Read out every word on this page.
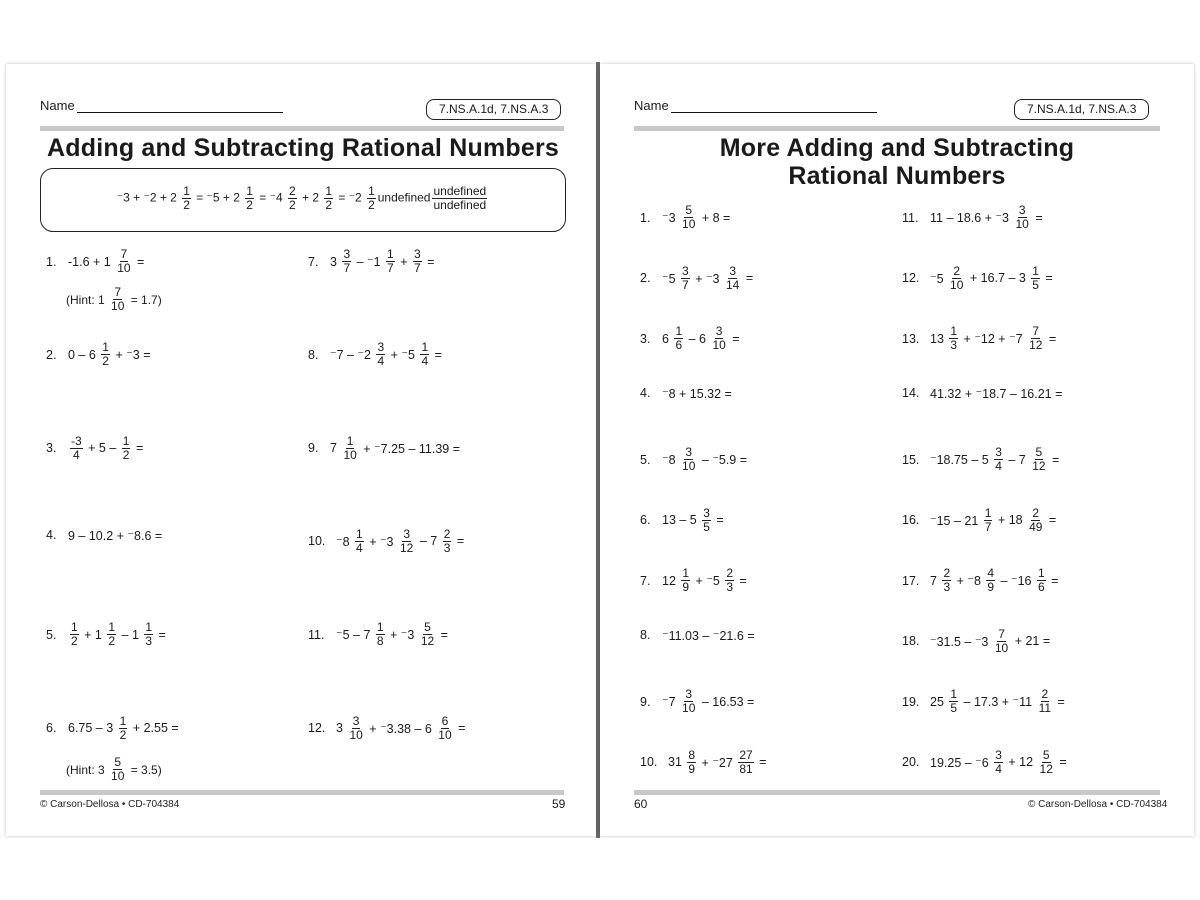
Name	7.NS.A.1d, 7.NS.A.3
Adding and Subtracting Rational Numbers
$^-3 + ^-2 + 2 \frac{1}{2} = ^-5 + 2 \frac{1}{2} = ^-4 \frac{2}{2} + 2 \frac{1}{2} = ^-2 \frac{1}{2}$ undefined $\frac{\text{undefined}}{\text{undefined}}$
1. $-1.6 + 1 \frac{7}{10}$ =
2. $0 - 6 \frac{1}{2} + ^-3$ =
3.	$\frac{-3}{4} + 5 - \frac{1}{2}$ =
4. 9 – 10.2 + ⁻8.6 =
5.	$\frac{1}{2} + 1 \frac{1}{2} - 1 \frac{1}{3}$ =
6. $6.75 - 3 \frac{1}{2} + 2.55$ =
7. $3 \frac{3}{7} - ^-1 \frac{1}{7} + \frac{3}{7}$ =
8. $^-7 - ^-2 \frac{3}{4} + ^-5 \frac{1}{4}$ =
9. $7 \frac{1}{10} + ^-7.25 - 11.39$ =
10. $^-8 \frac{1}{4} + ^-3 \frac{3}{12} - 7 \frac{2}{3}$ =
11. $^-5 - 7 \frac{1}{8} + ^-3 \frac{5}{12}$ =
12. $3 \frac{3}{10} + ^-3.38 - 6 \frac{6}{10}$ =
(Hint: $1 \frac{7}{10} = 1.7$)
(Hint: $3 \frac{5}{10} = 3.5$)
© Carson-Dellosa • CD-704384	59
Name	7.NS.A.1d, 7.NS.A.3
More Adding and Subtracting
Rational Numbers
1. $^-3 \frac{5}{10} + 8$ =
2. $^-5 \frac{3}{7} + ^-3 \frac{3}{14}$ =
3. $6 \frac{1}{6} - 6 \frac{3}{10}$ =
4. ⁻8 + 15.32 =
5. $^-8 \frac{3}{10} - ^-5.9$ =
6. $13 - 5 \frac{3}{5}$ =
7. $12 \frac{1}{9} + ^-5 \frac{2}{3}$ =
8. ⁻11.03 – ⁻21.6 =
9. $^-7 \frac{3}{10} - 16.53$ =
10. $31 \frac{8}{9} + ^-27 \frac{27}{81}$ =
11. $11 - 18.6 + ^-3 \frac{3}{10}$ =
12. $^-5 \frac{2}{10} + 16.7 - 3 \frac{1}{5}$ =
13. $13 \frac{1}{3} + ^-12 + ^-7 \frac{7}{12}$ =
14. 41.32 + ⁻18.7 – 16.21 =
15. $^-18.75 - 5 \frac{3}{4} - 7 \frac{5}{12}$ =
16. $^-15 - 21 \frac{1}{7} + 18 \frac{2}{49}$ =
17. $7 \frac{2}{3} + ^-8 \frac{4}{9} - ^-16 \frac{1}{6}$ =
18. $^-31.5 - ^-3 \frac{7}{10} + 21$ =
19. $25 \frac{1}{5} - 17.3 + ^-11 \frac{2}{11}$ =
20. $19.25 - ^-6 \frac{3}{4} + 12 \frac{5}{12}$ =
60	© Carson-Dellosa • CD-704384
